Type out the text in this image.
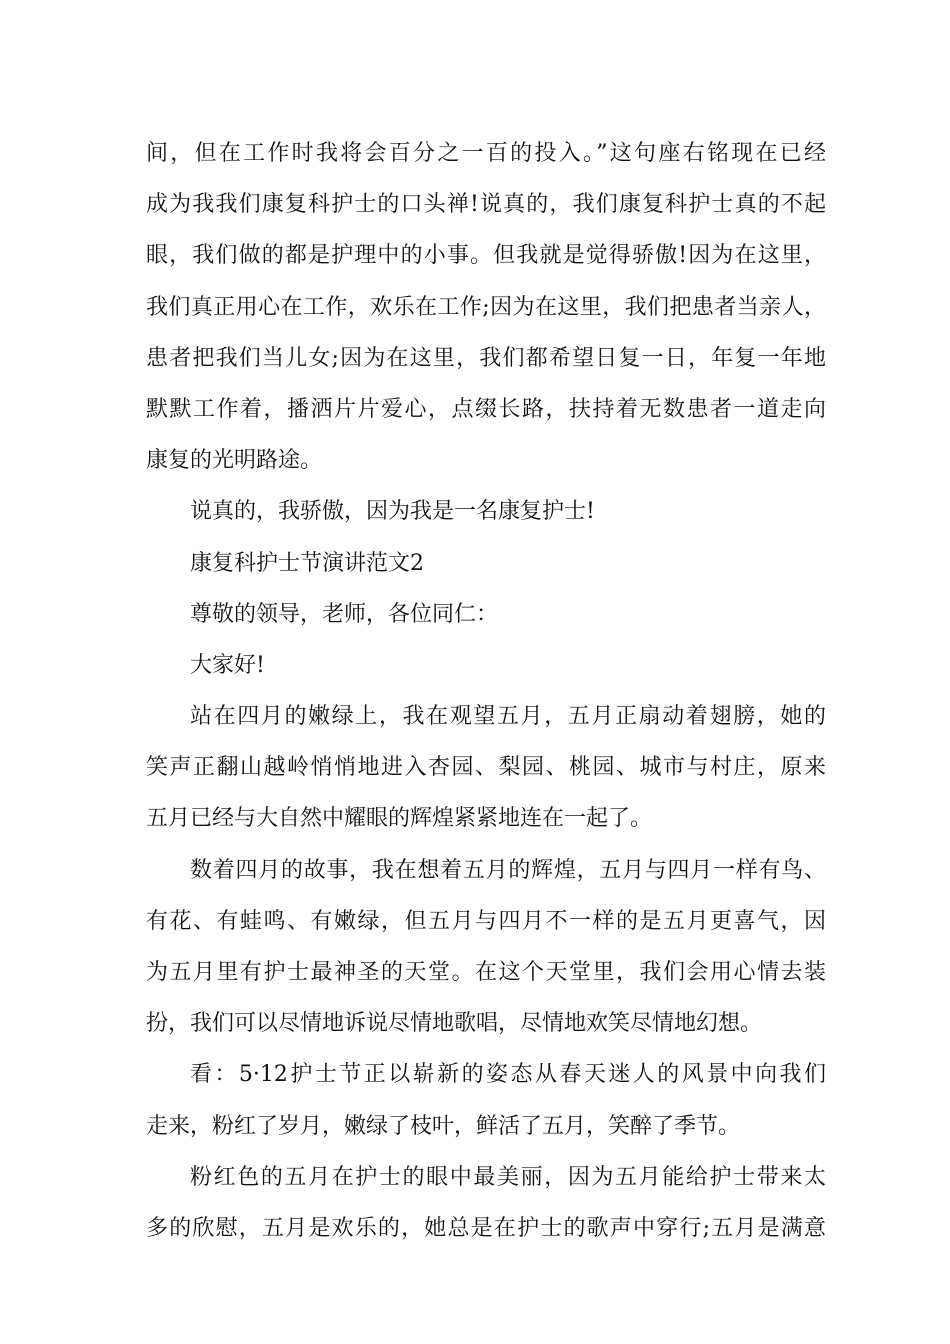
间，但在工作时我将会百分之一百的投入。”这句座右铭现在已经
成为我我们康复科护士的口头禅!说真的，我们康复科护士真的不起
眼，我们做的都是护理中的小事。但我就是觉得骄傲!因为在这里，
我们真正用心在工作，欢乐在工作;因为在这里，我们把患者当亲人，
患者把我们当儿女;因为在这里，我们都希望日复一日，年复一年地
默默工作着，播洒片片爱心，点缀长路，扶持着无数患者一道走向
康复的光明路途。
说真的，我骄傲，因为我是一名康复护士!
康复科护士节演讲范文2
尊敬的领导，老师，各位同仁：
大家好!
站在四月的嫩绿上，我在观望五月，五月正扇动着翅膀，她的
笑声正翻山越岭悄悄地进入杏园、梨园、桃园、城市与村庄，原来
五月已经与大自然中耀眼的辉煌紧紧地连在一起了。
数着四月的故事，我在想着五月的辉煌，五月与四月一样有鸟、
有花、有蛙鸣、有嫩绿，但五月与四月不一样的是五月更喜气，因
为五月里有护士最神圣的天堂。在这个天堂里，我们会用心情去装
扮，我们可以尽情地诉说尽情地歌唱，尽情地欢笑尽情地幻想。
看：5·12护士节正以崭新的姿态从春天迷人的风景中向我们
走来，粉红了岁月，嫩绿了枝叶，鲜活了五月，笑醉了季节。
粉红色的五月在护士的眼中最美丽，因为五月能给护士带来太
多的欣慰，五月是欢乐的，她总是在护士的歌声中穿行;五月是满意
